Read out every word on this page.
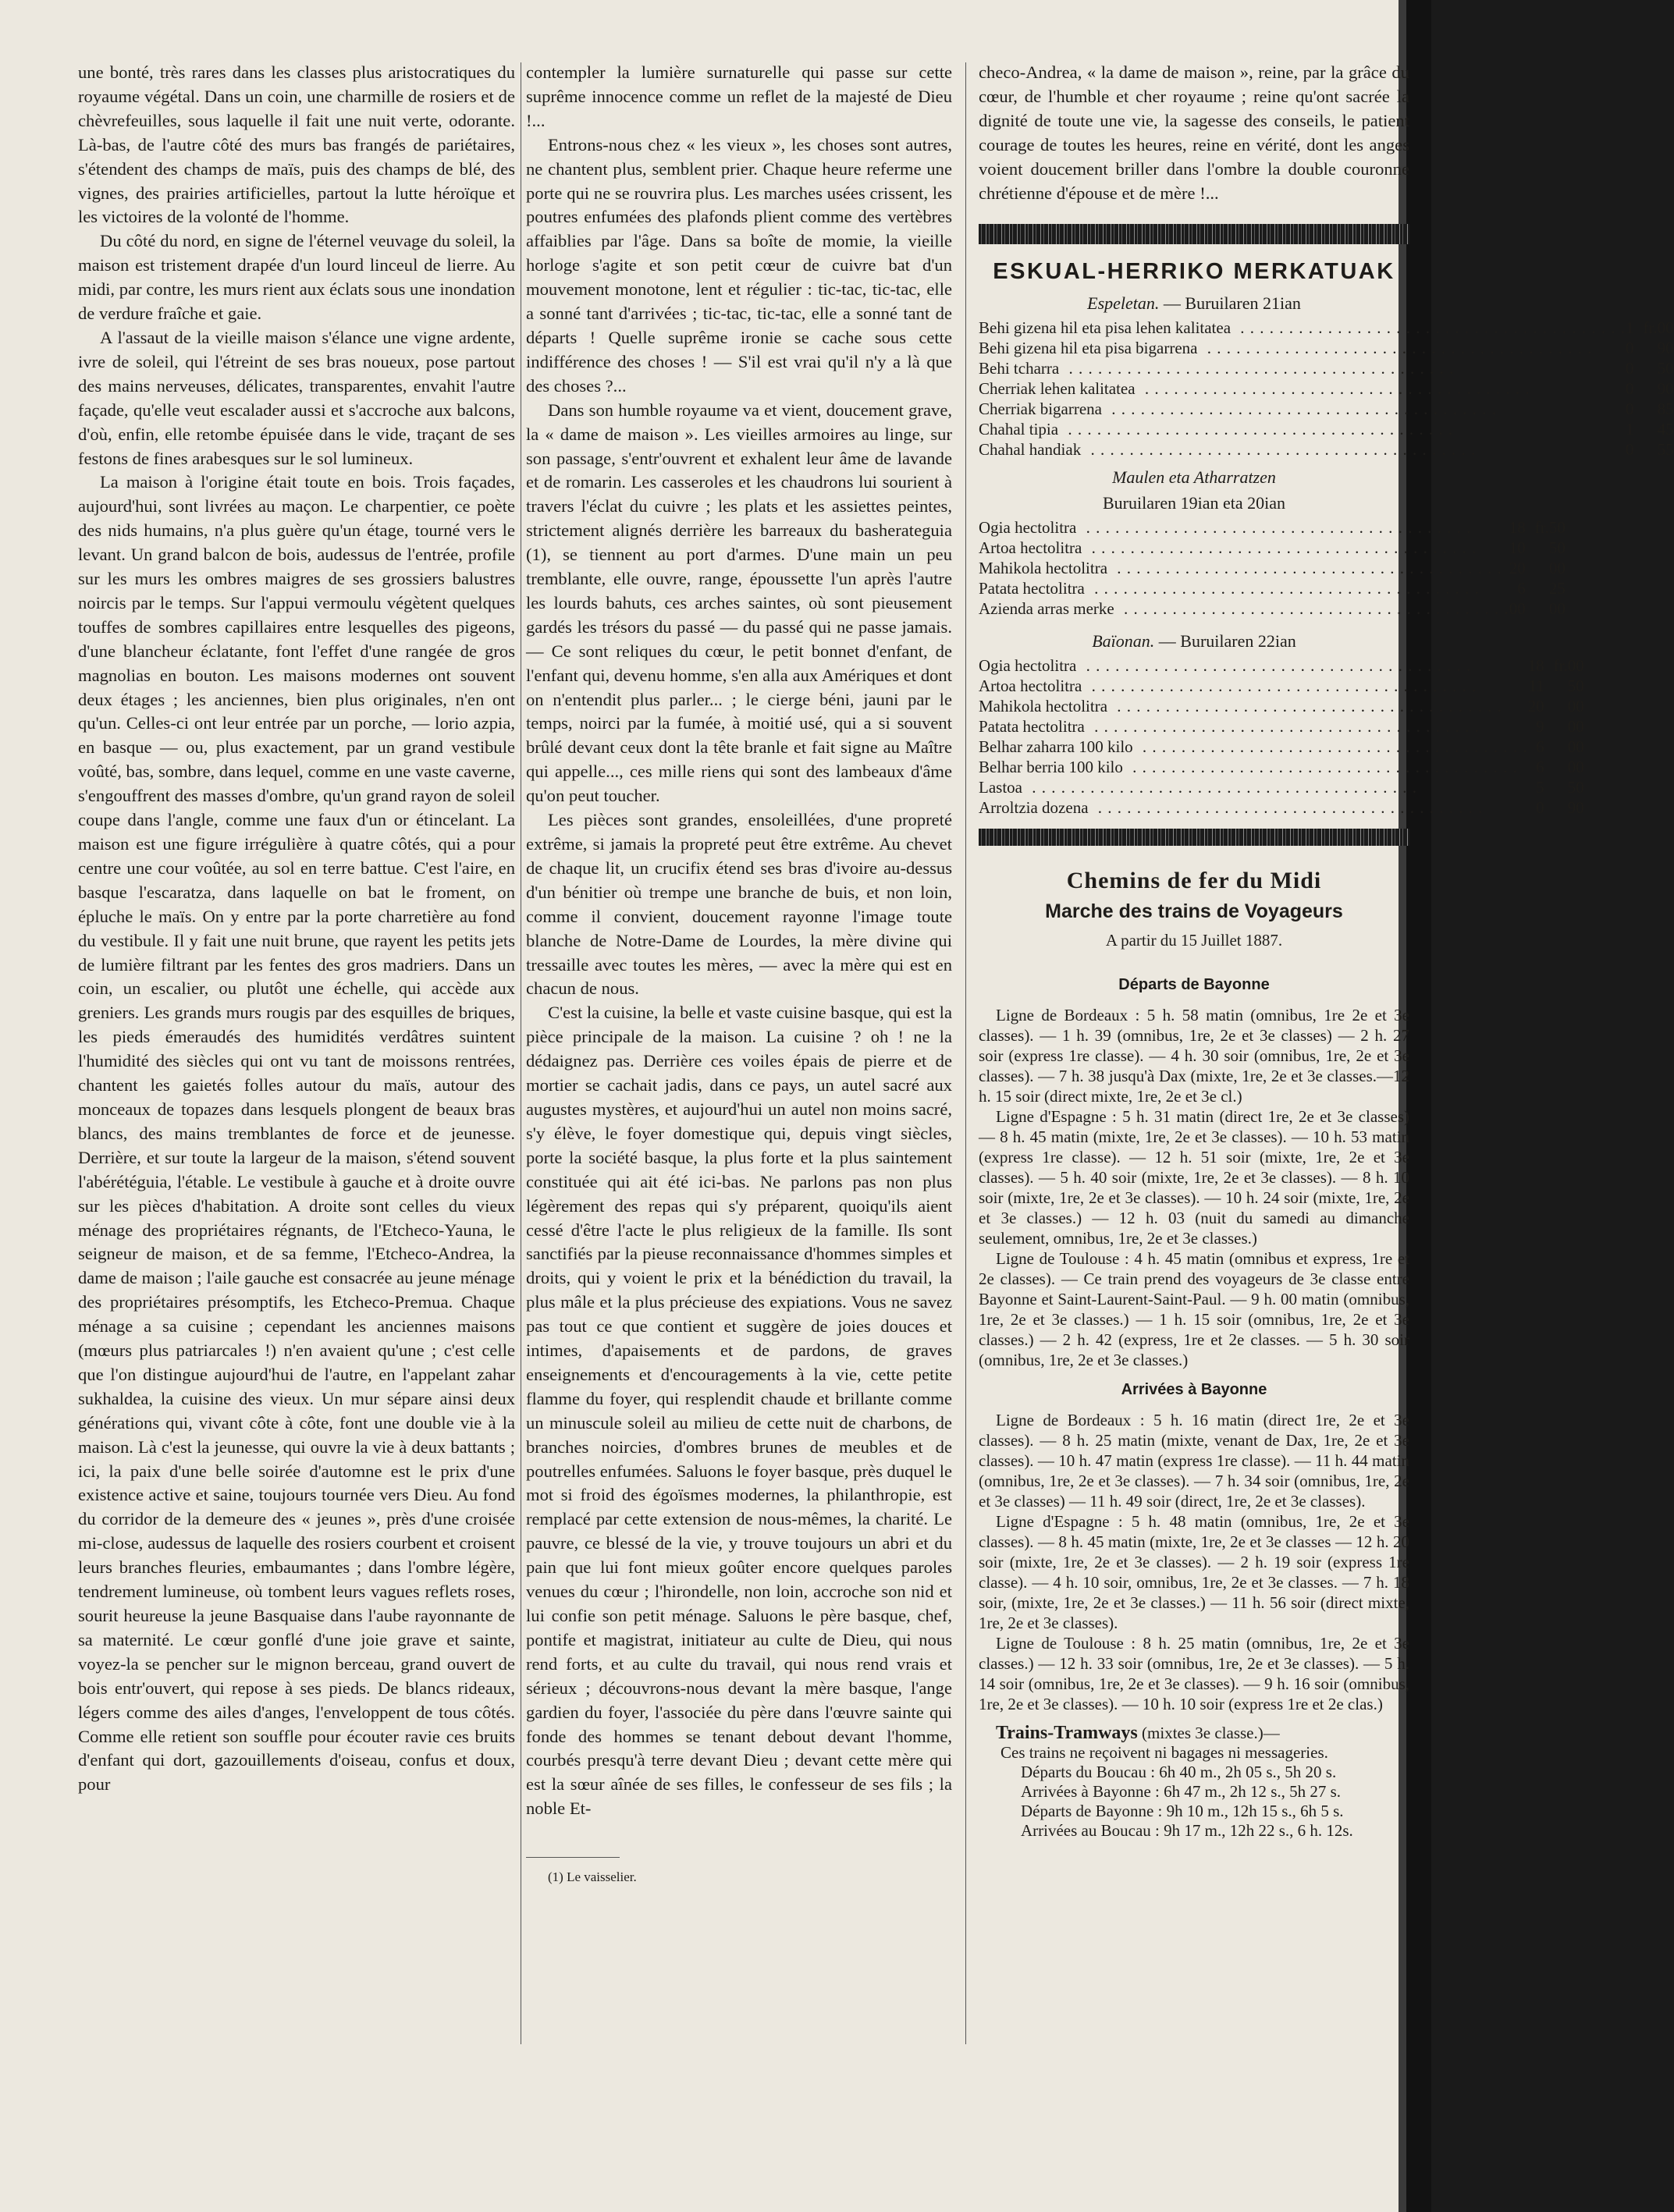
une bonté, très rares dans les classes plus aristocratiques du royaume végétal. Dans un coin, une charmille de rosiers et de chèvrefeuilles, sous laquelle il fait une nuit verte, odorante. Là-bas, de l'autre côté des murs bas frangés de pariétaires, s'étendent des champs de maïs, puis des champs de blé, des vignes, des prairies artificielles, partout la lutte héroïque et les victoires de la volonté de l'homme.

Du côté du nord, en signe de l'éternel veuvage du soleil, la maison est tristement drapée d'un lourd linceul de lierre. Au midi, par contre, les murs rient aux éclats sous une inondation de verdure fraîche et gaie.

A l'assaut de la vieille maison s'élance une vigne ardente, ivre de soleil, qui l'étreint de ses bras noueux, pose partout des mains nerveuses, délicates, transparentes, envahit l'autre façade, qu'elle veut escalader aussi et s'accroche aux balcons, d'où, enfin, elle retombe épuisée dans le vide, traçant de ses festons de fines arabesques sur le sol lumineux.

La maison à l'origine était toute en bois. Trois façades, aujourd'hui, sont livrées au maçon. Le charpentier, ce poète des nids humains, n'a plus guère qu'un étage, tourné vers le levant. Un grand balcon de bois, audessus de l'entrée, profile sur les murs les ombres maigres de ses grossiers balustres noircis par le temps. Sur l'appui vermoulu végètent quelques touffes de sombres capillaires entre lesquelles des pigeons, d'une blancheur éclatante, font l'effet d'une rangée de gros magnolias en bouton. Les maisons modernes ont souvent deux étages ; les anciennes, bien plus originales, n'en ont qu'un. Celles-ci ont leur entrée par un porche, — lorio azpia, en basque — ou, plus exactement, par un grand vestibule voûté, bas, sombre, dans lequel, comme en une vaste caverne, s'engouffrent des masses d'ombre, qu'un grand rayon de soleil coupe dans l'angle, comme une faux d'un or étincelant. La maison est une figure irrégulière à quatre côtés, qui a pour centre une cour voûtée, au sol en terre battue. C'est l'aire, en basque l'escaratza, dans laquelle on bat le froment, on épluche le maïs. On y entre par la porte charretière au fond du vestibule. Il y fait une nuit brune, que rayent les petits jets de lumière filtrant par les fentes des gros madriers. Dans un coin, un escalier, ou plutôt une échelle, qui accède aux greniers. Les grands murs rougis par des esquilles de briques, les pieds émeraudés des humidités verdâtres suintent l'humidité des siècles qui ont vu tant de moissons rentrées, chantent les gaietés folles autour du maïs, autour des monceaux de topazes dans lesquels plongent de beaux bras blancs, des mains tremblantes de force et de jeunesse. Derrière, et sur toute la largeur de la maison, s'étend souvent l'abérétéguia, l'étable. Le vestibule à gauche et à droite ouvre sur les pièces d'habitation. A droite sont celles du vieux ménage des propriétaires régnants, de l'Etcheco-Yauna, le seigneur de maison, et de sa femme, l'Etcheco-Andrea, la dame de maison ; l'aile gauche est consacrée au jeune ménage des propriétaires présomptifs, les Etcheco-Premua. Chaque ménage a sa cuisine ; cependant les anciennes maisons (mœurs plus patriarcales !) n'en avaient qu'une ; c'est celle que l'on distingue aujourd'hui de l'autre, en l'appelant zahar sukhaldea, la cuisine des vieux. Un mur sépare ainsi deux générations qui, vivant côte à côte, font une double vie à la maison. Là c'est la jeunesse, qui ouvre la vie à deux battants ; ici, la paix d'une belle soirée d'automne est le prix d'une existence active et saine, toujours tournée vers Dieu. Au fond du corridor de la demeure des « jeunes », près d'une croisée mi-close, audessus de laquelle des rosiers courbent et croisent leurs branches fleuries, embaumantes ; dans l'ombre légère, tendrement lumineuse, où tombent leurs vagues reflets roses, sourit heureuse la jeune Basquaise dans l'aube rayonnante de sa maternité. Le cœur gonflé d'une joie grave et sainte, voyez-la se pencher sur le mignon berceau, grand ouvert de bois entr'ouvert, qui repose à ses pieds. De blancs rideaux, légers comme des ailes d'anges, l'enveloppent de tous côtés. Comme elle retient son souffle pour écouter ravie ces bruits d'enfant qui dort, gazouillements d'oiseau, confus et doux, pour

contempler la lumière surnaturelle qui passe sur cette suprême innocence comme un reflet de la majesté de Dieu !...

Entrons-nous chez « les vieux », les choses sont autres, ne chantent plus, semblent prier. Chaque heure referme une porte qui ne se rouvrira plus. Les marches usées crissent, les poutres enfumées des plafonds plient comme des vertèbres affaiblies par l'âge. Dans sa boîte de momie, la vieille horloge s'agite et son petit cœur de cuivre bat d'un mouvement monotone, lent et régulier : tic-tac, tic-tac, elle a sonné tant d'arrivées ; tic-tac, tic-tac, elle a sonné tant de départs ! Quelle suprême ironie se cache sous cette indifférence des choses ! — S'il est vrai qu'il n'y a là que des choses ?...

Dans son humble royaume va et vient, doucement grave, la « dame de maison ». Les vieilles armoires au linge, sur son passage, s'entr'ouvrent et exhalent leur âme de lavande et de romarin. Les casseroles et les chaudrons lui sourient à travers l'éclat du cuivre ; les plats et les assiettes peintes, strictement alignés derrière les barreaux du basherateguia (1), se tiennent au port d'armes. D'une main un peu tremblante, elle ouvre, range, époussette l'un après l'autre les lourds bahuts, ces arches saintes, où sont pieusement gardés les trésors du passé — du passé qui ne passe jamais. — Ce sont reliques du cœur, le petit bonnet d'enfant, de l'enfant qui, devenu homme, s'en alla aux Amériques et dont on n'entendit plus parler... ; le cierge béni, jauni par le temps, noirci par la fumée, à moitié usé, qui a si souvent brûlé devant ceux dont la tête branle et fait signe au Maître qui appelle..., ces mille riens qui sont des lambeaux d'âme qu'on peut toucher.

Les pièces sont grandes, ensoleillées, d'une propreté extrême, si jamais la propreté peut être extrême. Au chevet de chaque lit, un crucifix étend ses bras d'ivoire au-dessus d'un bénitier où trempe une branche de buis, et non loin, comme il convient, doucement rayonne l'image toute blanche de Notre-Dame de Lourdes, la mère divine qui tressaille avec toutes les mères, — avec la mère qui est en chacun de nous.

C'est la cuisine, la belle et vaste cuisine basque, qui est la pièce principale de la maison. La cuisine ? oh ! ne la dédaignez pas. Derrière ces voiles épais de pierre et de mortier se cachait jadis, dans ce pays, un autel sacré aux augustes mystères, et aujourd'hui un autel non moins sacré, s'y élève, le foyer domestique qui, depuis vingt siècles, porte la société basque, la plus forte et la plus saintement constituée qui ait été ici-bas. Ne parlons pas non plus légèrement des repas qui s'y préparent, quoiqu'ils aient cessé d'être l'acte le plus religieux de la famille. Ils sont sanctifiés par la pieuse reconnaissance d'hommes simples et droits, qui y voient le prix et la bénédiction du travail, la plus mâle et la plus précieuse des expiations. Vous ne savez pas tout ce que contient et suggère de joies douces et intimes, d'apaisements et de pardons, de graves enseignements et d'encouragements à la vie, cette petite flamme du foyer, qui resplendit chaude et brillante comme un minuscule soleil au milieu de cette nuit de charbons, de branches noircies, d'ombres brunes de meubles et de poutrelles enfumées. Saluons le foyer basque, près duquel le mot si froid des égoïsmes modernes, la philanthropie, est remplacé par cette extension de nous-mêmes, la charité. Le pauvre, ce blessé de la vie, y trouve toujours un abri et du pain que lui font mieux goûter encore quelques paroles venues du cœur ; l'hirondelle, non loin, accroche son nid et lui confie son petit ménage. Saluons le père basque, chef, pontife et magistrat, initiateur au culte de Dieu, qui nous rend forts, et au culte du travail, qui nous rend vrais et sérieux ; découvrons-nous devant la mère basque, l'ange gardien du foyer, l'associée du père dans l'œuvre sainte qui fonde des hommes se tenant debout devant l'homme, courbés presqu'à terre devant Dieu ; devant cette mère qui est la sœur aînée de ses filles, le confesseur de ses fils ; la noble Et-

(1) Le vaisselier.

checo-Andrea, « la dame de maison », reine, par la grâce du cœur, de l'humble et cher royaume ; reine qu'ont sacrée la dignité de toute une vie, la sagesse des conseils, le patient courage de toutes les heures, reine en vérité, dont les anges voient doucement briller dans l'ombre la double couronne chrétienne d'épouse et de mère !...

ESKUAL-HERRIKO MERKATUAK
Espeletan. — Buruilaren 21ian
Behi gizena hil eta pisa lehen kalitatea . . .	1	fr.	00
Behi gizena hil eta pisa bigarrena . . .	0		90
Behi tcharra . . .	0		50
Cherriak lehen kalitatea . . .	0		90
Cherriak bigarrena . . .	0		85
Chahal tipia . . .	1		45
Chahal handiak . . .	0		55
Maulen eta Atharratzen
Buruilaren 19ian eta 20ian
Ogia hectolitra . . .	18	fr.	50
Artoa hectolitra . . .	10		50
Mahikola hectolitra . . .	20		00
Patata hectolitra . . .	6		25
Azienda arras merke . . .	00		00
Baïonan. — Buruilaren 22ian
Ogia hectolitra . . .	18	fr.	00
Artoa hectolitra . . .	11		50
Mahikola hectolitra . . .	20		00
Patata hectolitra . . .	9		00
Belhar zaharra 100 kilo . . .	6		00
Belhar berria 100 kilo . . .	6		00
Lastoa . . .	5		50
Arroltzia dozena . . .	0		90
Chemins de fer du Midi
Marche des trains de Voyageurs
A partir du 15 Juillet 1887.
Départs de Bayonne

Ligne de Bordeaux : 5 h. 58 matin (omnibus, 1re 2e et 3e classes). — 1 h. 39 (omnibus, 1re, 2e et 3e classes) — 2 h. 27 soir (express 1re classe). — 4 h. 30 soir (omnibus, 1re, 2e et 3e classes). — 7 h. 38 jusqu'à Dax (mixte, 1re, 2e et 3e classes.—12 h. 15 soir (direct mixte, 1re, 2e et 3e cl.)

Ligne d'Espagne : 5 h. 31 matin (direct 1re, 2e et 3e classes) — 8 h. 45 matin (mixte, 1re, 2e et 3e classes). — 10 h. 53 matin (express 1re classe). — 12 h. 51 soir (mixte, 1re, 2e et 3e classes). — 5 h. 40 soir (mixte, 1re, 2e et 3e classes). — 8 h. 10 soir (mixte, 1re, 2e et 3e classes). — 10 h. 24 soir (mixte, 1re, 2e et 3e classes.) — 12 h. 03 (nuit du samedi au dimanche seulement, omnibus, 1re, 2e et 3e classes.)

Ligne de Toulouse : 4 h. 45 matin (omnibus et express, 1re et 2e classes). — Ce train prend des voyageurs de 3e classe entre Bayonne et Saint-Laurent-Saint-Paul. — 9 h. 00 matin (omnibus, 1re, 2e et 3e classes.) — 1 h. 15 soir (omnibus, 1re, 2e et 3e classes.) — 2 h. 42 (express, 1re et 2e classes. — 5 h. 30 soir (omnibus, 1re, 2e et 3e classes.)

Arrivées à Bayonne

Ligne de Bordeaux : 5 h. 16 matin (direct 1re, 2e et 3e classes). — 8 h. 25 matin (mixte, venant de Dax, 1re, 2e et 3e classes). — 10 h. 47 matin (express 1re classe). — 11 h. 44 matin (omnibus, 1re, 2e et 3e classes). — 7 h. 34 soir (omnibus, 1re, 2e et 3e classes) — 11 h. 49 soir (direct, 1re, 2e et 3e classes).

Ligne d'Espagne : 5 h. 48 matin (omnibus, 1re, 2e et 3e classes). — 8 h. 45 matin (mixte, 1re, 2e et 3e classes — 12 h. 20 soir (mixte, 1re, 2e et 3e classes). — 2 h. 19 soir (express 1re classe). — 4 h. 10 soir, omnibus, 1re, 2e et 3e classes. — 7 h. 18 soir, (mixte, 1re, 2e et 3e classes.) — 11 h. 56 soir (direct mixte, 1re, 2e et 3e classes).

Ligne de Toulouse : 8 h. 25 matin (omnibus, 1re, 2e et 3e classes.) — 12 h. 33 soir (omnibus, 1re, 2e et 3e classes). — 5 h. 14 soir (omnibus, 1re, 2e et 3e classes). — 9 h. 16 soir (omnibus, 1re, 2e et 3e classes). — 10 h. 10 soir (express 1re et 2e clas.)

Trains-Tramways (mixtes 3e classe.)—

Ces trains ne reçoivent ni bagages ni messageries.

Départs du Boucau : 6h 40 m., 2h 05 s., 5h 20 s.

Arrivées à Bayonne : 6h 47 m., 2h 12 s., 5h 27 s.

Départs de Bayonne : 9h 10 m., 12h 15 s., 6h 5 s.

Arrivées au Boucau : 9h 17 m., 12h 22 s., 6 h. 12s.
